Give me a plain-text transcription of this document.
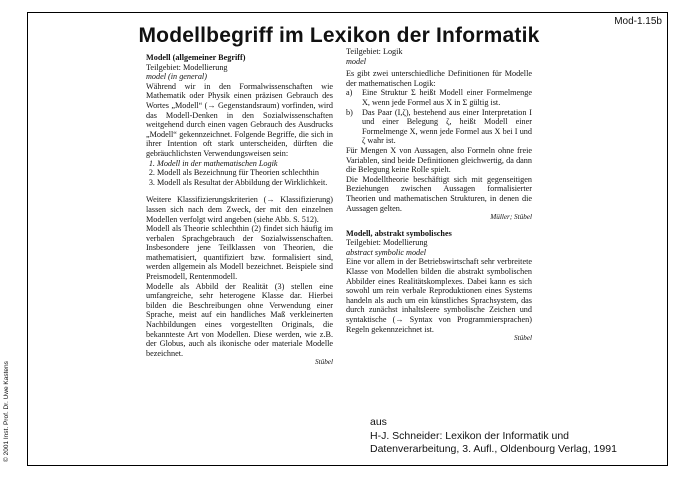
Mod-1.15b
Modellbegriff im Lexikon der Informatik
© 2001 Inst. Prof. Dr. Uwe Kastens

Modell (allgemeiner Begriff)

Teilgebiet: Modellierung

model (in general)

Während wir in den Formalwissenschaften wie Mathematik oder Physik einen präzisen Gebrauch des Wortes „Modell“ (→ Gegenstandsraum) vorfinden, wird das Modell-Denken in den Sozialwissenschaften weitgehend durch einen vagen Gebrauch des Ausdrucks „Modell“ gekennzeichnet. Folgende Begriffe, die sich in ihrer Intention oft stark unterscheiden, dürften die gebräuchlichsten Verwendungsweisen sein:

1. Modell in der mathematischen Logik
2. Modell als Bezeichnung für Theorien schlechthin
3. Modell als Resultat der Abbildung der Wirklichkeit.

Weitere Klassifizierungskriterien (→ Klassifizierung) lassen sich nach dem Zweck, der mit den einzelnen Modellen verfolgt wird angeben (siehe Abb. S. 512).

Modell als Theorie schlechthin (2) findet sich häufig im verbalen Sprachgebrauch der Sozialwissenschaften. Insbesondere jene Teilklassen von Theorien, die mathematisiert, quantifiziert bzw. formalisiert sind, werden allgemein als Modell bezeichnet. Beispiele sind Preismodell, Rentenmodell.

Modelle als Abbild der Realität (3) stellen eine umfangreiche, sehr heterogene Klasse dar. Hierbei bilden die Beschreibungen ohne Verwendung einer Sprache, meist auf ein handliches Maß verkleinerten Nachbildungen eines vorgestellten Originals, die bekannteste Art von Modellen. Diese werden, wie z.B. der Globus, auch als ikonische oder materiale Modelle bezeichnet.

Stübel

Teilgebiet: Logik

model

Es gibt zwei unterschiedliche Definitionen für Modelle der mathematischen Logik:

a)	Eine Struktur Σ heißt Modell einer Formelmenge X, wenn jede Formel aus X in Σ gültig ist.
b)	Das Paar (I,ζ), bestehend aus einer Interpretation I und einer Belegung ζ, heißt Modell einer Formelmenge X, wenn jede Formel aus X bei I und ζ wahr ist.

Für Mengen X von Aussagen, also Formeln ohne freie Variablen, sind beide Definitionen gleichwertig, da dann die Belegung keine Rolle spielt.

Die Modelltheorie beschäftigt sich mit gegenseitigen Beziehungen zwischen Aussagen formalisierter Theorien und mathematischen Strukturen, in denen die Aussagen gelten.

Müller; Stübel

Modell, abstrakt symbolisches

Teilgebiet: Modellierung

abstract symbolic model

Eine vor allem in der Betriebswirtschaft sehr verbreitete Klasse von Modellen bilden die abstrakt symbolischen Abbilder eines Realitätskomplexes. Dabei kann es sich sowohl um rein verbale Reproduktionen eines Systems handeln als auch um ein künstliches Sprachsystem, das durch zunächst inhaltsleere symbolische Zeichen und syntaktische (→ Syntax von Programmiersprachen) Regeln gekennzeichnet ist.

Stübel

aus

H-J. Schneider: Lexikon der Informatik und

Datenverarbeitung, 3. Aufl., Oldenbourg Verlag, 1991
